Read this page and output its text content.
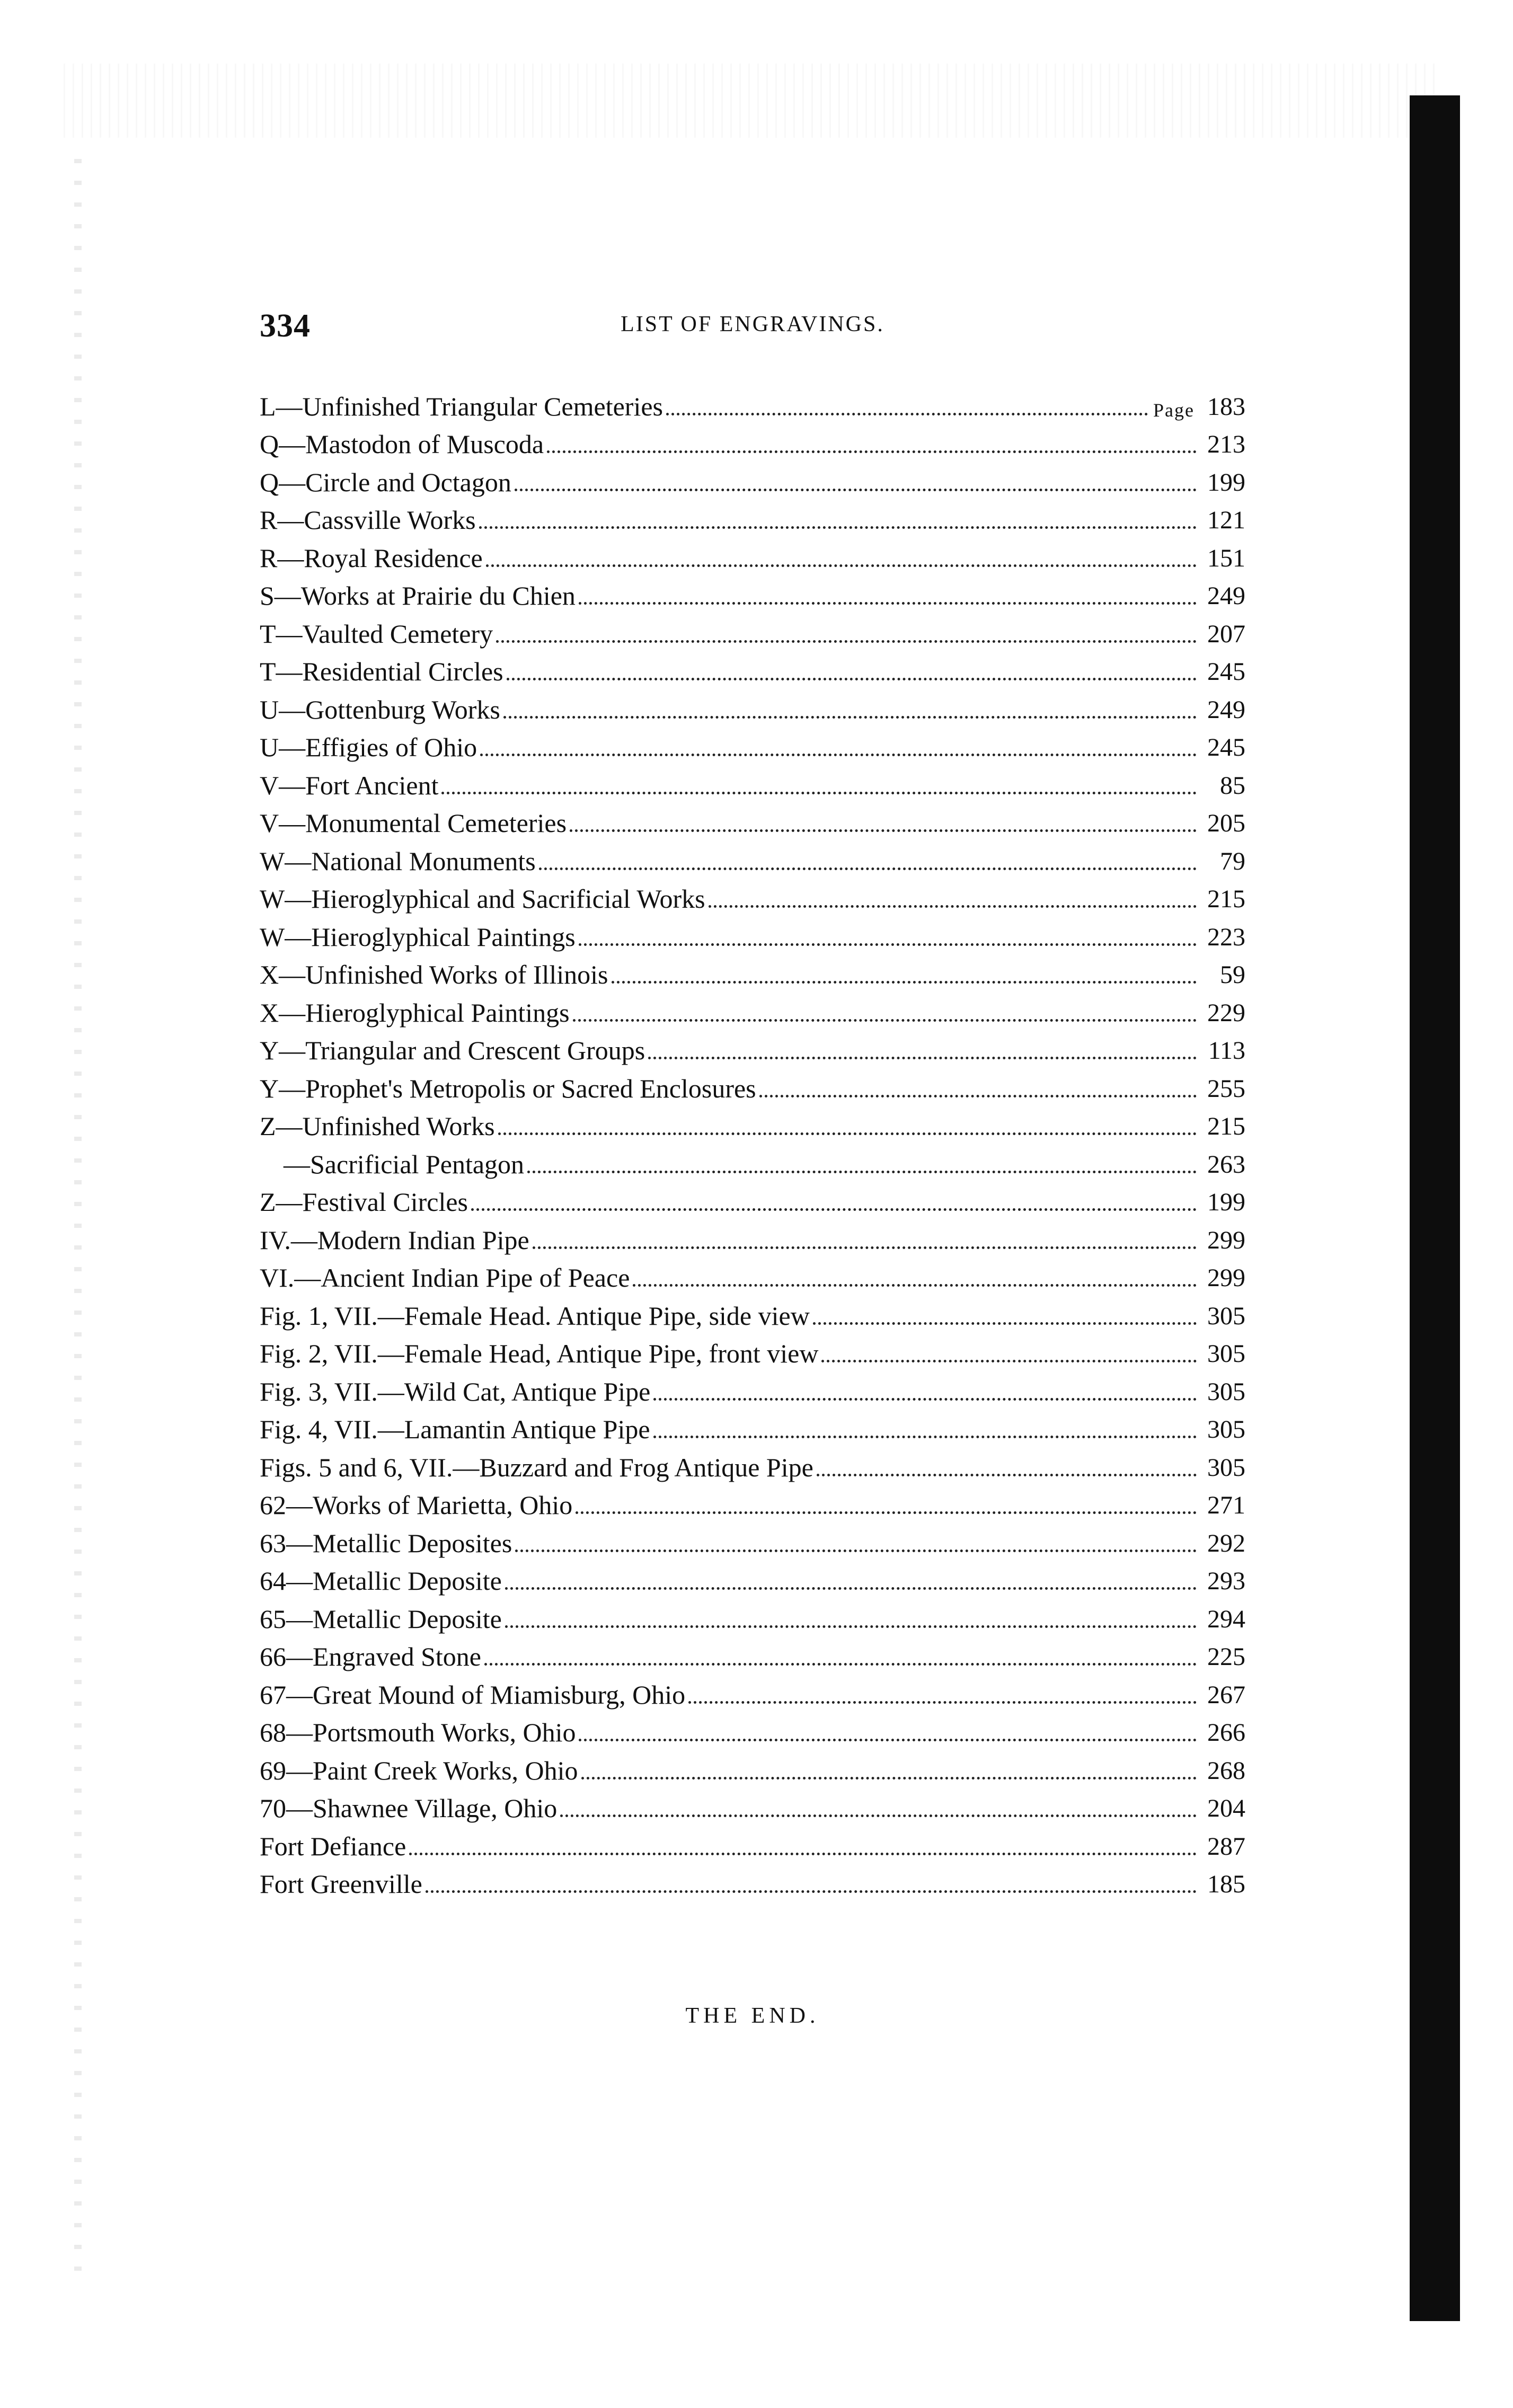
334	LIST OF ENGRAVINGS.
L—Unfinished Triangular Cemeteries	Page 183
Q—Mastodon of Muscoda	213
Q—Circle and Octagon	199
R—Cassville Works	121
R—Royal Residence	151
S—Works at Prairie du Chien	249
T—Vaulted Cemetery	207
T—Residential Circles	245
U—Gottenburg Works	249
U—Effigies of Ohio	245
V—Fort Ancient	85
V—Monumental Cemeteries	205
W—National Monuments	79
W—Hieroglyphical and Sacrificial Works	215
W—Hieroglyphical Paintings	223
X—Unfinished Works of Illinois	59
X—Hieroglyphical Paintings	229
Y—Triangular and Crescent Groups	113
Y—Prophet's Metropolis or Sacred Enclosures	255
Z—Unfinished Works	215
—Sacrificial Pentagon	263
Z—Festival Circles	199
IV.—Modern Indian Pipe	299
VI.—Ancient Indian Pipe of Peace	299
Fig. 1, VII.—Female Head. Antique Pipe, side view	305
Fig. 2, VII.—Female Head, Antique Pipe, front view	305
Fig. 3, VII.—Wild Cat, Antique Pipe	305
Fig. 4, VII.—Lamantin Antique Pipe	305
Figs. 5 and 6, VII.—Buzzard and Frog Antique Pipe	305
62—Works of Marietta, Ohio	271
63—Metallic Deposites	292
64—Metallic Deposite	293
65—Metallic Deposite	294
66—Engraved Stone	225
67—Great Mound of Miamisburg, Ohio	267
68—Portsmouth Works, Ohio	266
69—Paint Creek Works, Ohio	268
70—Shawnee Village, Ohio	204
Fort Defiance	287
Fort Greenville	185
THE END.
